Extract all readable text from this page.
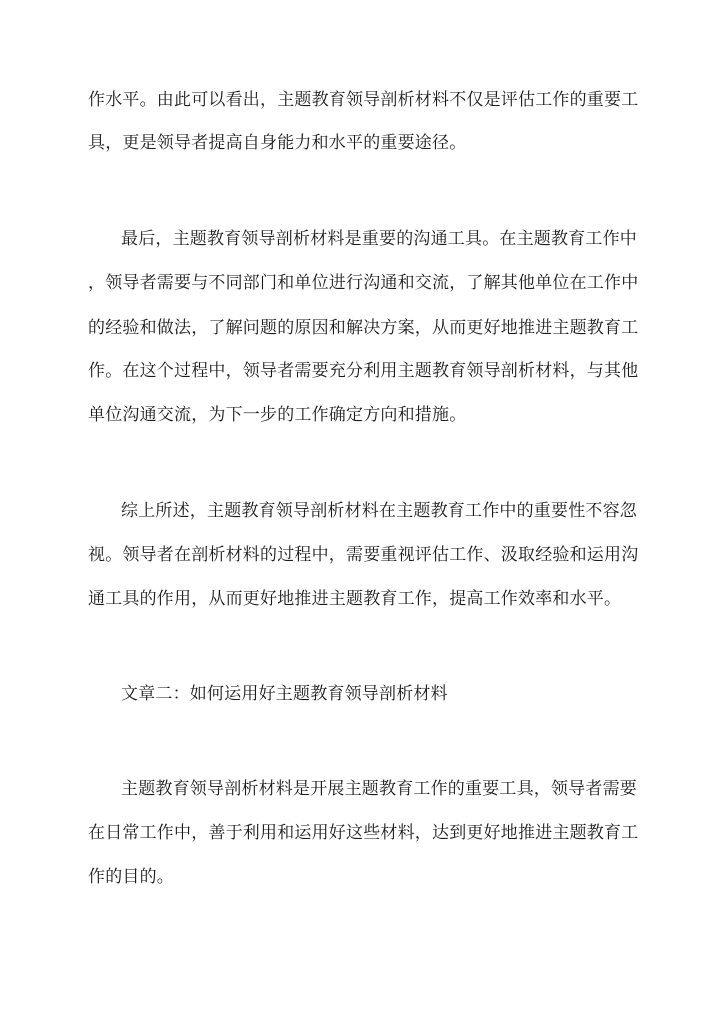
作水平。由此可以看出，主题教育领导剖析材料不仅是评估工作的重要工
具，更是领导者提高自身能力和水平的重要途径。
最后，主题教育领导剖析材料是重要的沟通工具。在主题教育工作中
，领导者需要与不同部门和单位进行沟通和交流，了解其他单位在工作中
的经验和做法，了解问题的原因和解决方案，从而更好地推进主题教育工
作。在这个过程中，领导者需要充分利用主题教育领导剖析材料，与其他
单位沟通交流，为下一步的工作确定方向和措施。
综上所述，主题教育领导剖析材料在主题教育工作中的重要性不容忽
视。领导者在剖析材料的过程中，需要重视评估工作、汲取经验和运用沟
通工具的作用，从而更好地推进主题教育工作，提高工作效率和水平。
文章二：如何运用好主题教育领导剖析材料
主题教育领导剖析材料是开展主题教育工作的重要工具，领导者需要
在日常工作中，善于利用和运用好这些材料，达到更好地推进主题教育工
作的目的。
